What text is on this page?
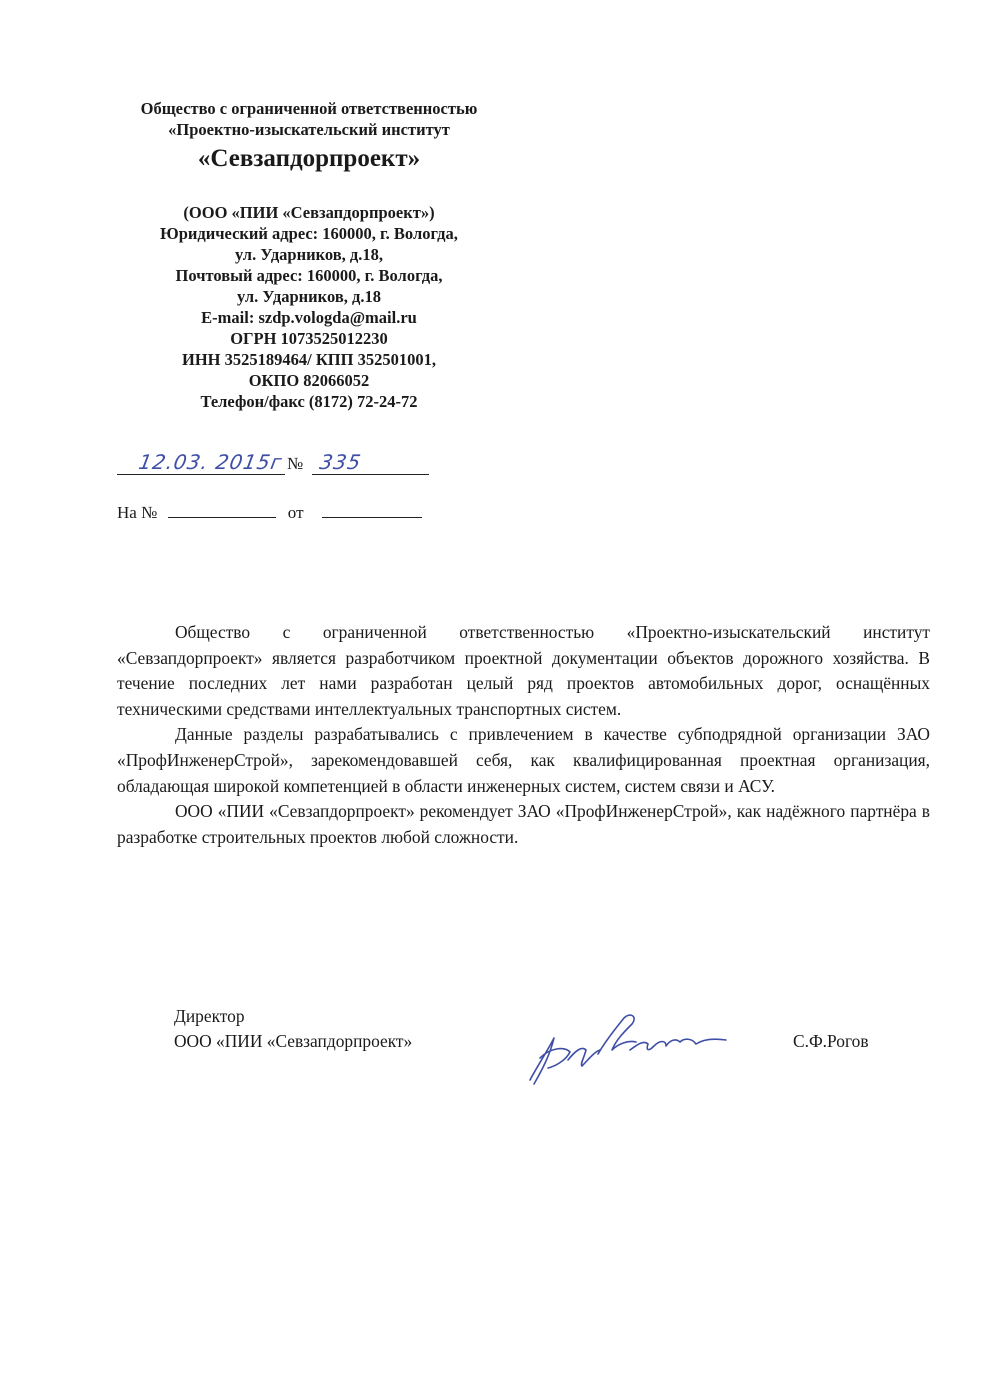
Общество с ограниченной ответственностью
«Проектно-изыскательский институт
«Севзапдорпроект»
(ООО «ПИИ «Севзапдорпроект»)
Юридический адрес: 160000, г. Вологда,
ул. Ударников, д.18,
Почтовый адрес: 160000, г. Вологда,
ул. Ударников, д.18
E-mail: szdp.vologda@mail.ru
ОГРН 1073525012230
ИНН 3525189464/ КПП 352501001,
ОКПО 82066052
Телефон/факс (8172) 72-24-72
12.03. 2015г № 335
На №	от

Общество с ограниченной ответственностью «Проектно-изыскательский институт «Севзапдорпроект» является разработчиком проектной документации объектов дорожного хозяйства. В течение последних лет нами разработан целый ряд проектов автомобильных дорог, оснащённых техническими средствами интеллектуальных транспортных систем.

Данные разделы разрабатывались с привлечением в качестве субподрядной организации ЗАО «ПрофИнженерСтрой», зарекомендовавшей себя, как квалифицированная проектная организация, обладающая широкой компетенцией в области инженерных систем, систем связи и АСУ.

ООО «ПИИ «Севзапдорпроект» рекомендует ЗАО «ПрофИнженерСтрой», как надёжного партнёра в разработке строительных проектов любой сложности.

Директор
ООО «ПИИ «Севзапдорпроект»	С.Ф.Рогов
